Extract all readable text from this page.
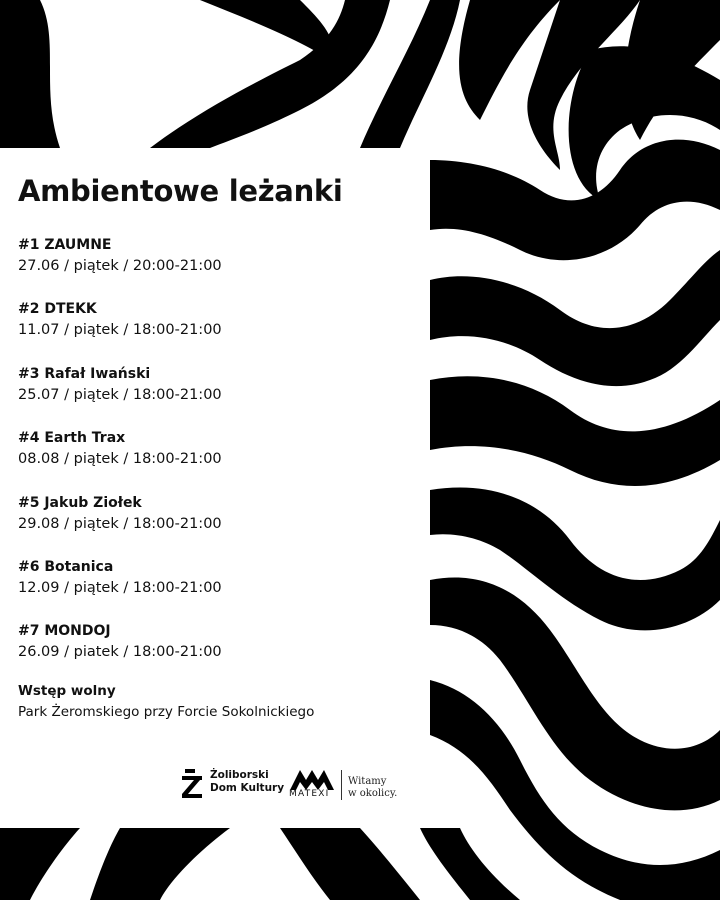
Ambientowe leżanki
#1 ZAUMNE
27.06 / piątek / 20:00-21:00
#2 DTEKK
11.07 / piątek / 18:00-21:00
#3 Rafał Iwański
25.07 / piątek / 18:00-21:00
#4 Earth Trax
08.08 / piątek / 18:00-21:00
#5 Jakub Ziołek
29.08 / piątek / 18:00-21:00
#6 Botanica
12.09 / piątek / 18:00-21:00
#7 MONDOJ
26.09 / piatek / 18:00-21:00
Wstęp wolny
Park Żeromskiego przy Forcie Sokolnickiego
Żoliborski
Dom Kultury MATEXI
Witamy
w okolicy.
